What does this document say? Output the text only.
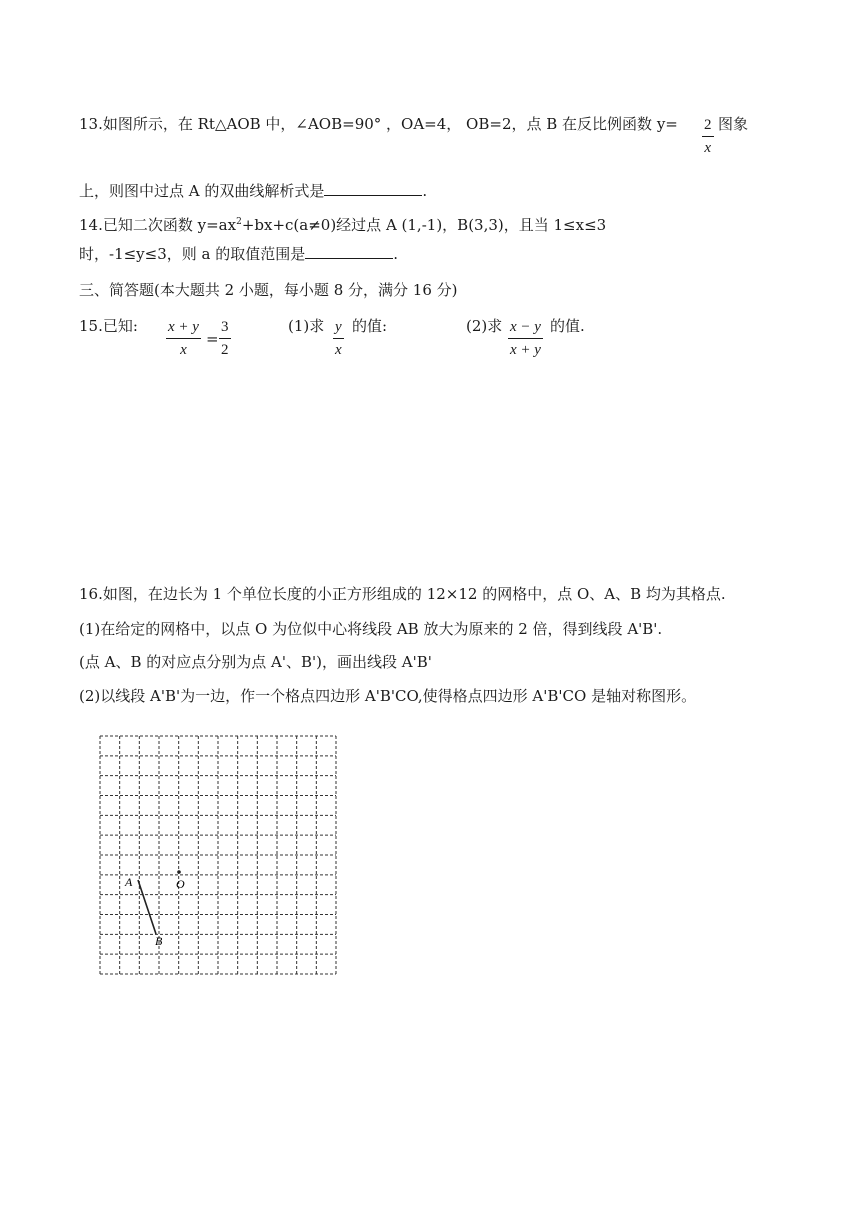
13.如图所示，在 Rt△AOB 中，∠AOB=90° ，OA=4， OB=2，点 B 在反比例函数 y= 2
x
图象
上，则图中过点 A 的双曲线解析式是	.
14.已知二次函数 $y=ax^2+bx+c(a\ne 0)$经过点 A (1,-1)，B(3,3)，且当 1≤x≤3
时，-1≤y≤3，则 a 的取值范围是	.
三、简答题(本大题共 2 小题，每小题 8 分，满分 16 分)
15.已知: x + y
x
=
3
2
(1)求 y
x
的值:	(2)求 x − y
x + y
的值.
16.如图，在边长为 1 个单位长度的小正方形组成的 12×12 的网格中，点 O、A、B 均为其格点.
(1)在给定的网格中，以点 O 为位似中心将线段 AB 放大为原来的 2 倍，得到线段 A'B'.
(点 A、B 的对应点分别为点 A'、B')，画出线段 A'B'
(2)以线段 A'B'为一边，作一个格点四边形 A'B'CO,使得格点四边形 A'B'CO 是轴对称图形。
A	O
B
